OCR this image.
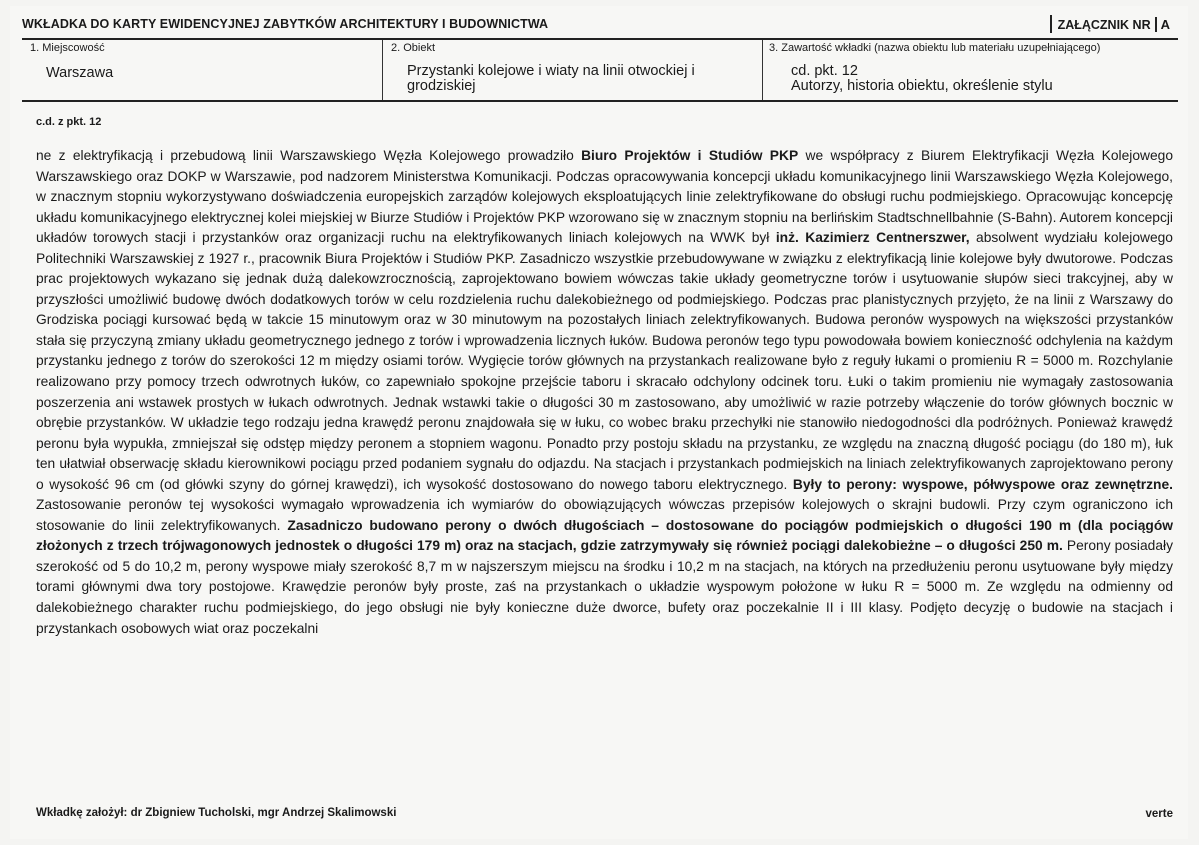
WKŁADKA DO KARTY EWIDENCYJNEJ ZABYTKÓW ARCHITEKTURY I BUDOWNICTWA	ZAŁĄCZNIK NR A
1. Miejscowość
Warszawa
2. Obiekt
Przystanki kolejowe i wiaty na linii otwockiej i grodziskiej
3. Zawartość wkładki (nazwa obiektu lub materiału uzupełniającego)
cd. pkt. 12
Autorzy, historia obiektu, określenie stylu
c.d. z pkt. 12
ne z elektryfikacją i przebudową linii Warszawskiego Węzła Kolejowego prowadziło Biuro Projektów i Studiów PKP we współpracy z Biurem Elektryfikacji Węzła Kolejowego Warszawskiego oraz DOKP w Warszawie, pod nadzorem Ministerstwa Komunikacji. Podczas opracowywania koncepcji układu komunikacyjnego linii Warszawskiego Węzła Kolejowego, w znacznym stopniu wykorzystywano doświadczenia europejskich zarządów kolejowych eksploatujących linie zelektryfikowane do obsługi ruchu podmiejskiego. Opracowując koncepcję układu komunikacyjnego elektrycznej kolei miejskiej w Biurze Studiów i Projektów PKP wzorowano się w znacznym stopniu na berlińskim Stadtschnellbahnie (S-Bahn). Autorem koncepcji układów torowych stacji i przystanków oraz organizacji ruchu na elektryfikowanych liniach kolejowych na WWK był inż. Kazimierz Centnerszwer, absolwent wydziału kolejowego Politechniki Warszawskiej z 1927 r., pracownik Biura Projektów i Studiów PKP. Zasadniczo wszystkie przebudowywane w związku z elektryfikacją linie kolejowe były dwutorowe. Podczas prac projektowych wykazano się jednak dużą dalekowzrocznością, zaprojektowano bowiem wówczas takie układy geometryczne torów i usytuowanie słupów sieci trakcyjnej, aby w przyszłości umożliwić budowę dwóch dodatkowych torów w celu rozdzielenia ruchu dalekobieżnego od podmiejskiego. Podczas prac planistycznych przyjęto, że na linii z Warszawy do Grodziska pociągi kursować będą w takcie 15 minutowym oraz w 30 minutowym na pozostałych liniach zelektryfikowanych. Budowa peronów wyspowych na większości przystanków stała się przyczyną zmiany układu geometrycznego jednego z torów i wprowadzenia licznych łuków. Budowa peronów tego typu powodowała bowiem konieczność odchylenia na każdym przystanku jednego z torów do szerokości 12 m między osiami torów. Wygięcie torów głównych na przystankach realizowane było z reguły łukami o promieniu R = 5000 m. Rozchylanie realizowano przy pomocy trzech odwrotnych łuków, co zapewniało spokojne przejście taboru i skracało odchylony odcinek toru. Łuki o takim promieniu nie wymagały zastosowania poszerzenia ani wstawek prostych w łukach odwrotnych. Jednak wstawki takie o długości 30 m zastosowano, aby umożliwić w razie potrzeby włączenie do torów głównych bocznic w obrębie przystanków. W układzie tego rodzaju jedna krawędź peronu znajdowała się w łuku, co wobec braku przechyłki nie stanowiło niedogodności dla podróżnych. Ponieważ krawędź peronu była wypukła, zmniejszał się odstęp między peronem a stopniem wagonu. Ponadto przy postoju składu na przystanku, ze względu na znaczną długość pociągu (do 180 m), łuk ten ułatwiał obserwację składu kierownikowi pociągu przed podaniem sygnału do odjazdu. Na stacjach i przystankach podmiejskich na liniach zelektryfikowanych zaprojektowano perony o wysokość 96 cm (od główki szyny do górnej krawędzi), ich wysokość dostosowano do nowego taboru elektrycznego. Były to perony: wyspowe, półwyspowe oraz zewnętrzne. Zastosowanie peronów tej wysokości wymagało wprowadzenia ich wymiarów do obowiązujących wówczas przepisów kolejowych o skrajni budowli. Przy czym ograniczono ich stosowanie do linii zelektryfikowanych. Zasadniczo budowano perony o dwóch długościach – dostosowane do pociągów podmiejskich o długości 190 m (dla pociągów złożonych z trzech trójwagonowych jednostek o długości 179 m) oraz na stacjach, gdzie zatrzymywały się również pociągi dalekobieżne – o długości 250 m. Perony posiadały szerokość od 5 do 10,2 m, perony wyspowe miały szerokość 8,7 m w najszerszym miejscu na środku i 10,2 m na stacjach, na których na przedłużeniu peronu usytuowane były między torami głównymi dwa tory postojowe. Krawędzie peronów były proste, zaś na przystankach o układzie wyspowym położone w łuku R = 5000 m. Ze względu na odmienny od dalekobieżnego charakter ruchu podmiejskiego, do jego obsługi nie były konieczne duże dworce, bufety oraz poczekalnie II i III klasy. Podjęto decyzję o budowie na stacjach i przystankach osobowych wiat oraz poczekalni
Wkładkę założył: dr Zbigniew Tucholski, mgr Andrzej Skalimowski	verte
